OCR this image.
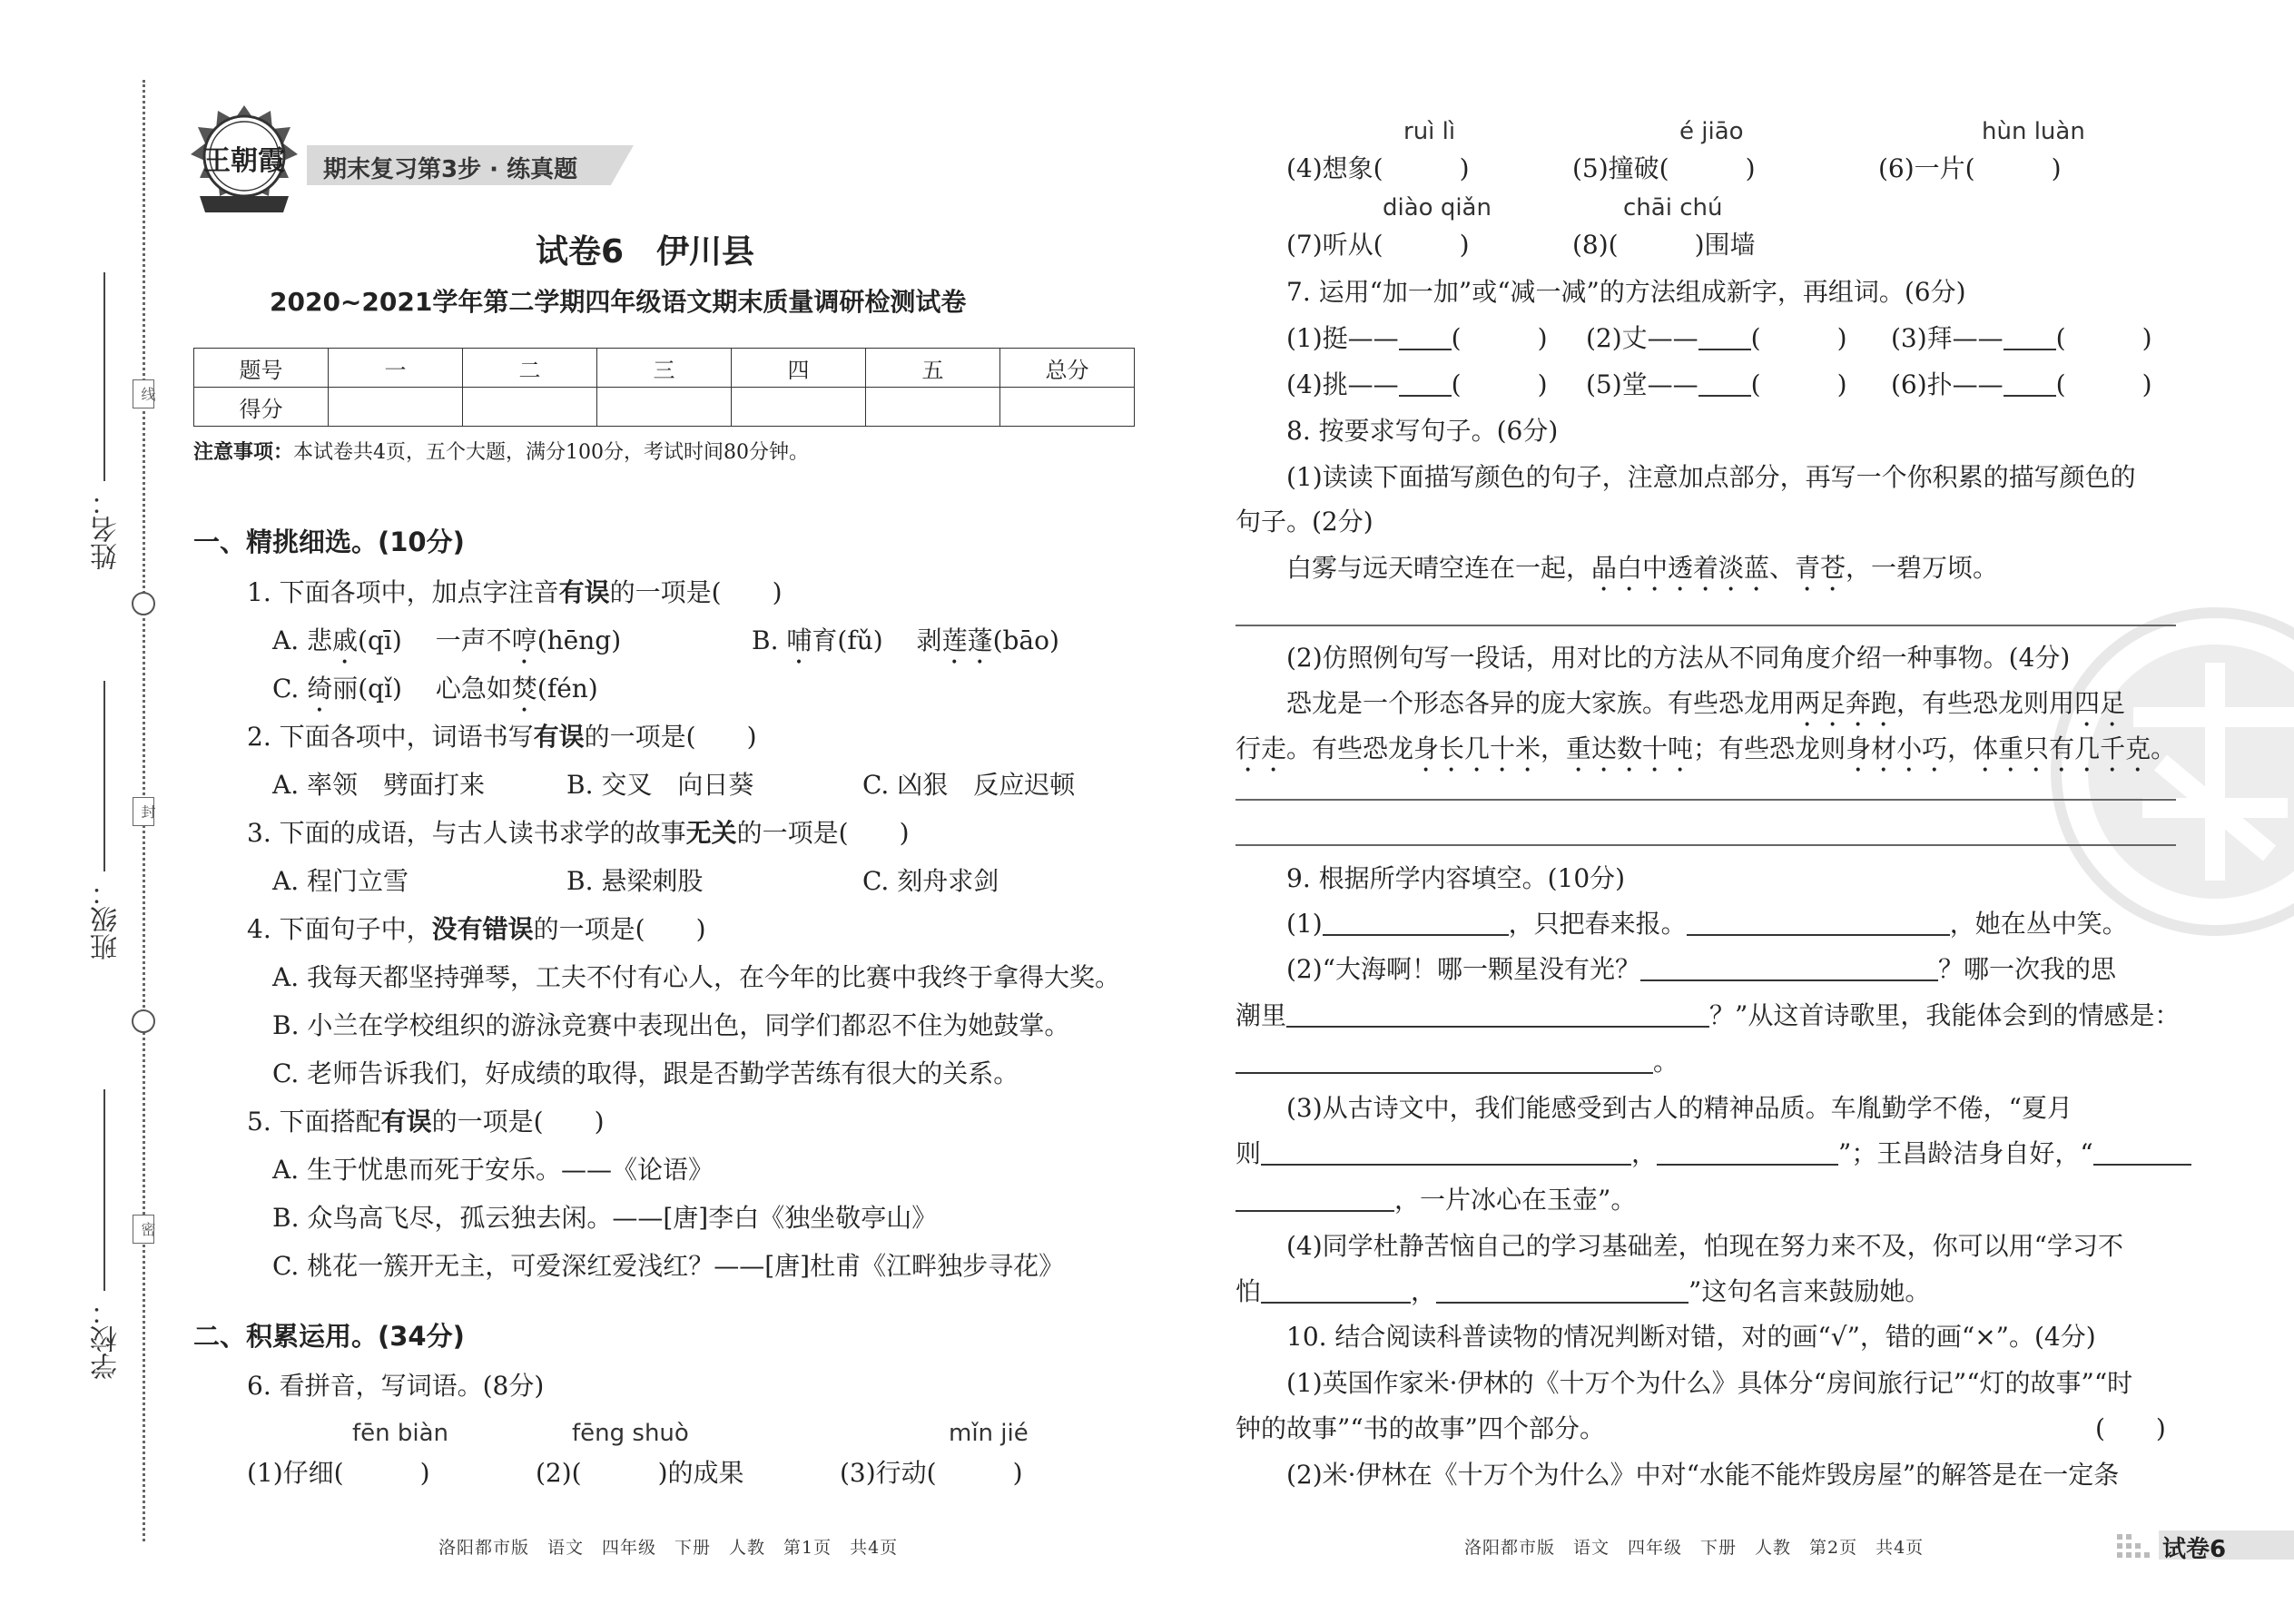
线
封
密
姓名：
班级：
学校：
王朝霞 期末复习第3步 · 练真题
试卷6　伊川县
2020~2021学年第二学期四年级语文期末质量调研检测试卷
题号	一	二	三	四	五	总分
得分						
注意事项：本试卷共4页，五个大题，满分100分，考试时间80分钟。
一、精挑细选。(10分)
1. 下面各项中，加点字注音有误的一项是(　　)
A. 悲戚(qī)　 一声不哼(hēng)	B. 哺育(fǔ)　 剥莲蓬(bāo)
C. 绮丽(qǐ)　 心急如焚(fén)
2. 下面各项中，词语书写有误的一项是(　　)
A. 率领　劈面打来	B. 交叉　向日葵	C. 凶狠　反应迟顿
3. 下面的成语，与古人读书求学的故事无关的一项是(　　)
A. 程门立雪	B. 悬梁刺股	C. 刻舟求剑
4. 下面句子中，没有错误的一项是(　　)
A. 我每天都坚持弹琴，工夫不付有心人，在今年的比赛中我终于拿得大奖。
B. 小兰在学校组织的游泳竞赛中表现出色，同学们都忍不住为她鼓掌。
C. 老师告诉我们，好成绩的取得，跟是否勤学苦练有很大的关系。
5. 下面搭配有误的一项是(　　)
A. 生于忧患而死于安乐。——《论语》
B. 众鸟高飞尽，孤云独去闲。——[唐]李白《独坐敬亭山》
C. 桃花一簇开无主，可爱深红爱浅红？——[唐]杜甫《江畔独步寻花》
二、积累运用。(34分)
6. 看拼音，写词语。(8分)
fēn biàn	fēng shuò	mǐn jié
(1)仔细(　　　)	(2)(　　　)的成果	(3)行动(　　　)
洛阳都市版　语文　四年级　下册　人教　第1页　共4页
ruì lì	é jiāo	hùn luàn
(4)想象(　　　)	(5)撞破(　　　)	(6)一片(　　　)
diào qiǎn	chāi chú
(7)听从(　　　)	(8)(　　　)围墙
7. 运用“加一加”或“减一减”的方法组成新字，再组词。(6分)
(1)挺—— (　　　) (2)丈—— (　　　) (3)拜—— (　　　)
(4)挑—— (　　　) (5)堂—— (　　　) (6)扑—— (　　　)
8. 按要求写句子。(6分)
(1)读读下面描写颜色的句子，注意加点部分，再写一个你积累的描写颜色的
句子。(2分)
白雾与远天晴空连在一起，晶白中透着淡蓝、青苍，一碧万顷。
(2)仿照例句写一段话，用对比的方法从不同角度介绍一种事物。(4分)
恐龙是一个形态各异的庞大家族。有些恐龙用两足奔跑，有些恐龙则用四足
行走。有些恐龙身长几十米，重达数十吨；有些恐龙则身材小巧，体重只有几千克。
9. 根据所学内容填空。(10分)
(1)	，只把春来报。	，她在丛中笑。
(2)“大海啊！哪一颗星没有光？	？哪一次我的思
潮里	？”从这首诗歌里，我能体会到的情感是：
。
(3)从古诗文中，我们能感受到古人的精神品质。车胤勤学不倦，“夏月
则	，	”；王昌龄洁身自好，“
，一片冰心在玉壶”。
(4)同学杜静苦恼自己的学习基础差，怕现在努力来不及，你可以用“学习不
怕	，	”这句名言来鼓励她。
10. 结合阅读科普读物的情况判断对错，对的画“√”，错的画“×”。(4分)
(1)英国作家米·伊林的《十万个为什么》具体分“房间旅行记”“灯的故事”“时
钟的故事”“书的故事”四个部分。	(　　)
(2)米·伊林在《十万个为什么》中对“水能不能炸毁房屋”的解答是在一定条
洛阳都市版　语文　四年级　下册　人教　第2页　共4页	试卷6
